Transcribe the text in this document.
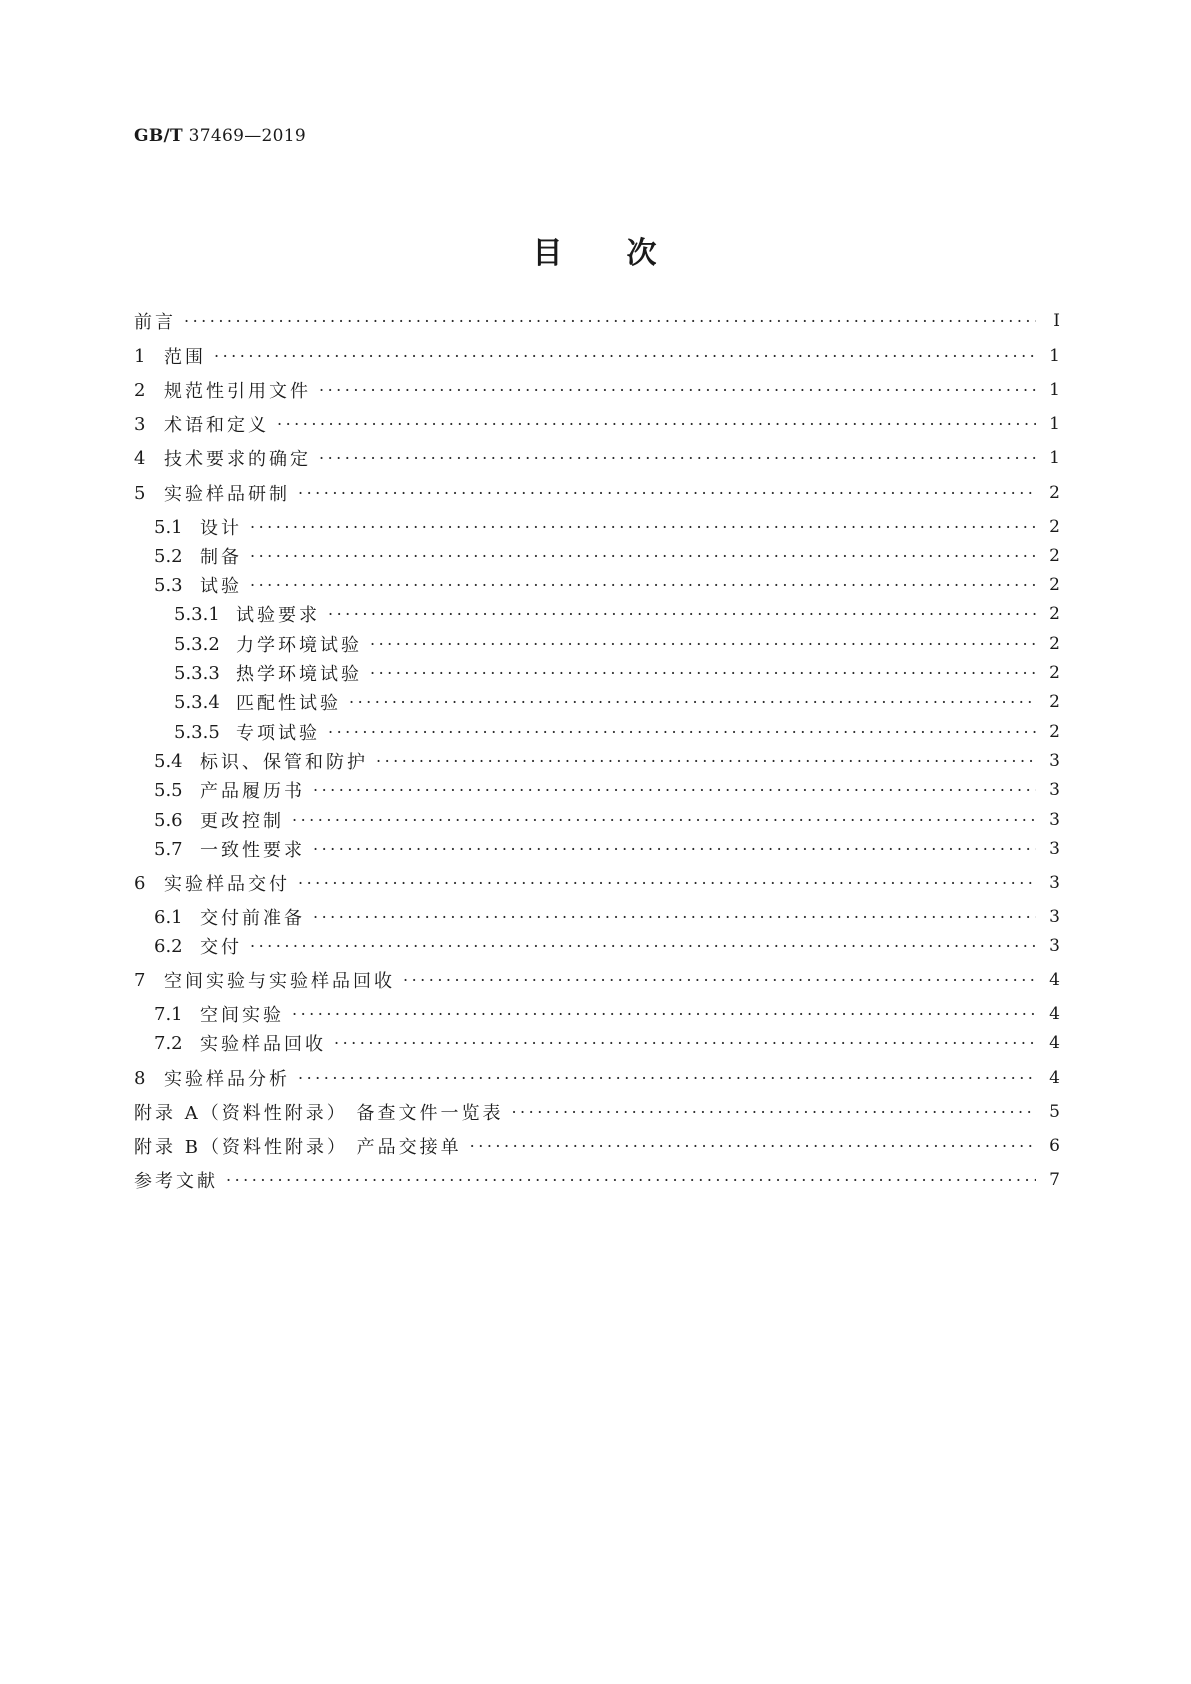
GB/T 37469—2019
目 次
前言 .....	Ⅰ
1	范围 .....	1
2	规范性引用文件 .....	1
3	术语和定义 .....	1
4	技术要求的确定 .....	1
5	实验样品研制 .....	2
5.1 设计 .....	2
5.2 制备 .....	2
5.3 试验 .....	2
5.3.1 试验要求 .....	2
5.3.2 力学环境试验 .....	2
5.3.3 热学环境试验 .....	2
5.3.4 匹配性试验 .....	2
5.3.5 专项试验 .....	2
5.4 标识、保管和防护 .....	3
5.5 产品履历书 .....	3
5.6 更改控制 .....	3
5.7 一致性要求 .....	3
6	实验样品交付 .....	3
6.1 交付前准备 .....	3
6.2 交付 .....	3
7	空间实验与实验样品回收 .....	4
7.1 空间实验 .....	4
7.2 实验样品回收 .....	4
8	实验样品分析 .....	4
附录 A（资料性附录） 备查文件一览表 .....	5
附录 B（资料性附录） 产品交接单 .....	6
参考文献 .....	7
